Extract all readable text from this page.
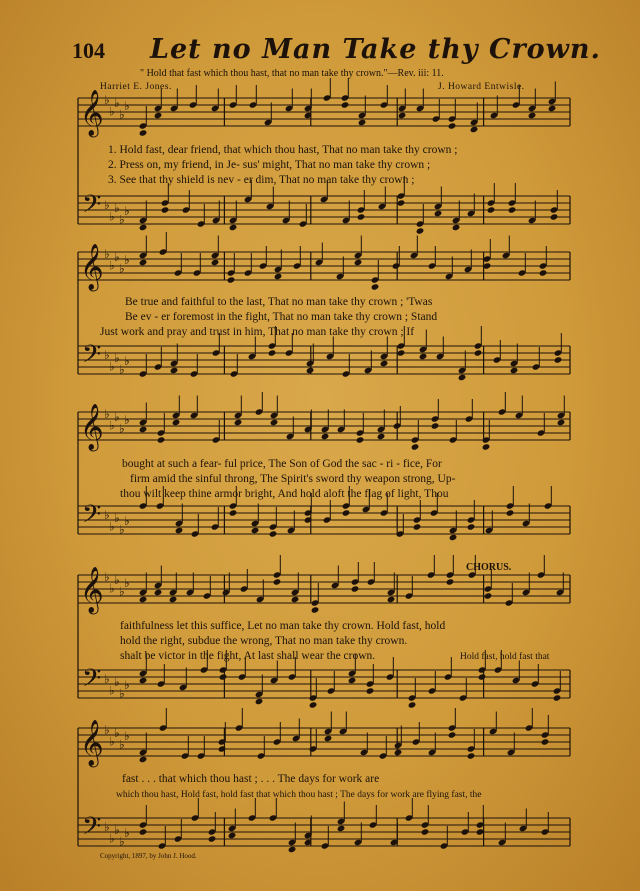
104 Let no Man Take thy Crown.
" Hold that fast which thou hast, that no man take thy crown."—Rev. iii: 11.
Harriet E. Jones.	J. Howard Entwisle.
𝄞
𝄢
♭
♭
♭
♭
♭
♭
♭
♭
♭
♭
𝄞
𝄢
♭
♭
♭
♭
♭
♭
♭
♭
♭
♭
𝄞
𝄢
♭
♭
♭
♭
♭
♭
♭
♭
♭
♭
𝄞
𝄢
♭
♭
♭
♭
♭
♭
♭
♭
♭
♭
𝄞
𝄢
♭
♭
♭
♭
♭
♭
♭
♭
♭
♭
1. Hold fast, dear friend, that which thou hast, That no man take thy crown ;
2. Press on, my friend, in Je- sus' might, That no man take thy crown ;
3. See that thy shield is nev - er dim, That no man take thy crown ;
Be true and faithful to the last, That no man take thy crown ; 'Twas
Be ev - er foremost in the fight, That no man take thy crown ; Stand
Just work and pray and trust in him, That no man take thy crown ; If
bought at such a fear- ful price, The Son of God the sac - ri - fice, For
firm amid the sinful throng, The Spirit's sword thy weapon strong, Up-
thou wilt keep thine armor bright, And hold aloft the flag of light, Thou
CHORUS.
faithfulness let this suffice, Let no man take thy crown. Hold fast, hold
hold the right, subdue the wrong, That no man take thy crown.
shalt be victor in the fight, At last shall wear the crown.	Hold fast, hold fast that
fast . . . that which thou hast ; . . . The days for work are
which thou hast, Hold fast, hold fast that which thou hast ; The days for work are flying fast, the
Copyright, 1897, by John J. Hood.
